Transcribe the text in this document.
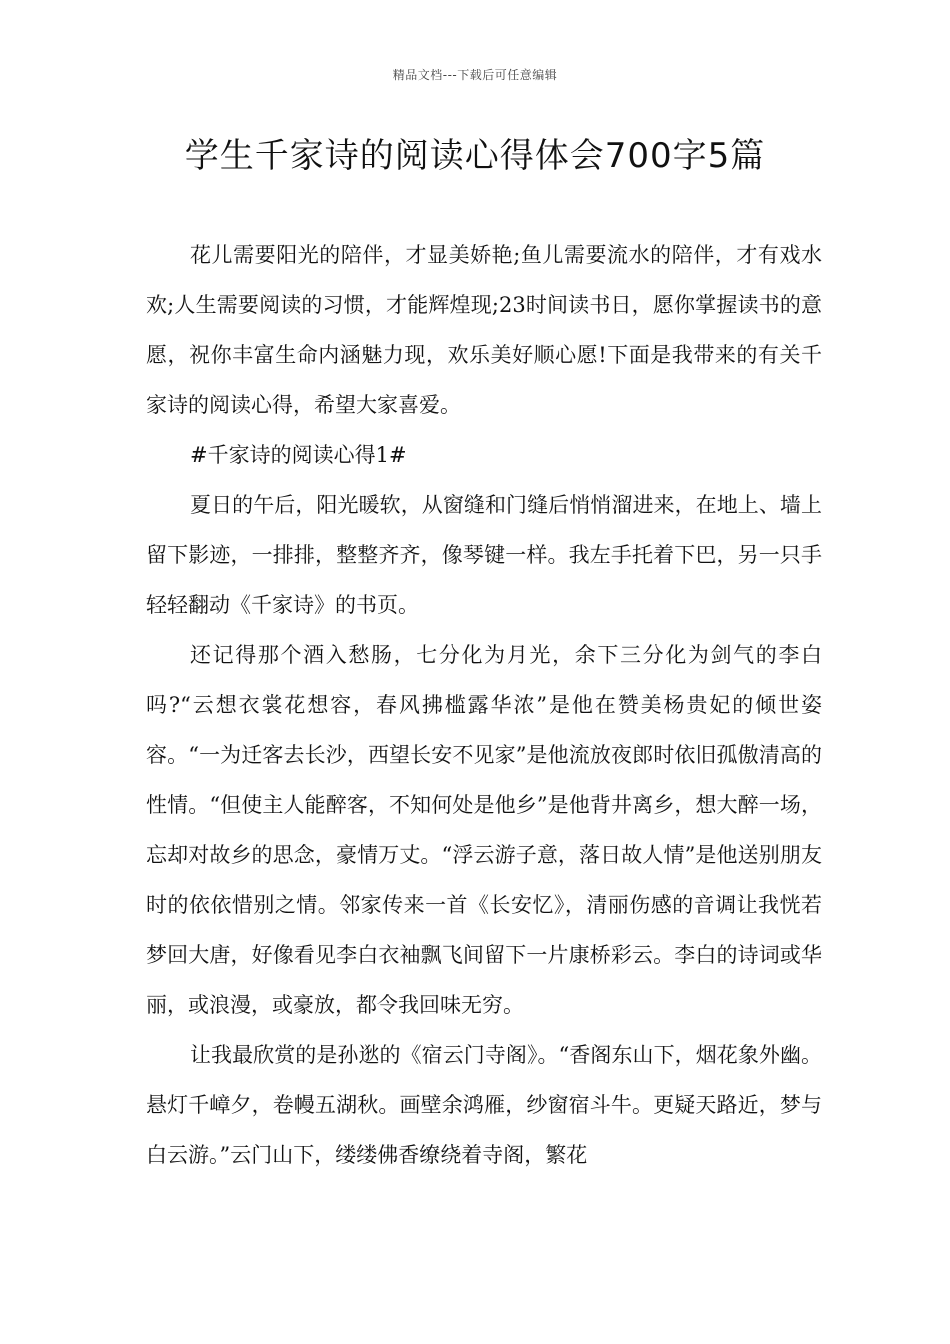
精品文档---下载后可任意编辑
学生千家诗的阅读心得体会700字5篇

花儿需要阳光的陪伴，才显美娇艳;鱼儿需要流水的陪伴，才有戏水欢;人生需要阅读的习惯，才能辉煌现;23时间读书日，愿你掌握读书的意愿，祝你丰富生命内涵魅力现，欢乐美好顺心愿!下面是我带来的有关千家诗的阅读心得，希望大家喜爱。

#千家诗的阅读心得1#

夏日的午后，阳光暖软，从窗缝和门缝后悄悄溜进来，在地上、墙上留下影迹，一排排，整整齐齐，像琴键一样。我左手托着下巴，另一只手轻轻翻动《千家诗》的书页。

还记得那个酒入愁肠，七分化为月光，余下三分化为剑气的李白吗?“云想衣裳花想容，春风拂槛露华浓”是他在赞美杨贵妃的倾世姿容。“一为迁客去长沙，西望长安不见家”是他流放夜郎时依旧孤傲清高的性情。“但使主人能醉客，不知何处是他乡”是他背井离乡，想大醉一场，忘却对故乡的思念，豪情万丈。“浮云游子意，落日故人情”是他送别朋友时的依依惜别之情。邻家传来一首《长安忆》，清丽伤感的音调让我恍若梦回大唐，好像看见李白衣袖飘飞间留下一片康桥彩云。李白的诗词或华丽，或浪漫，或豪放，都令我回味无穷。

让我最欣赏的是孙逖的《宿云门寺阁》。“香阁东山下，烟花象外幽。悬灯千嶂夕，卷幔五湖秋。画壁余鸿雁，纱窗宿斗牛。更疑天路近，梦与白云游。”云门山下，缕缕佛香缭绕着寺阁，繁花
